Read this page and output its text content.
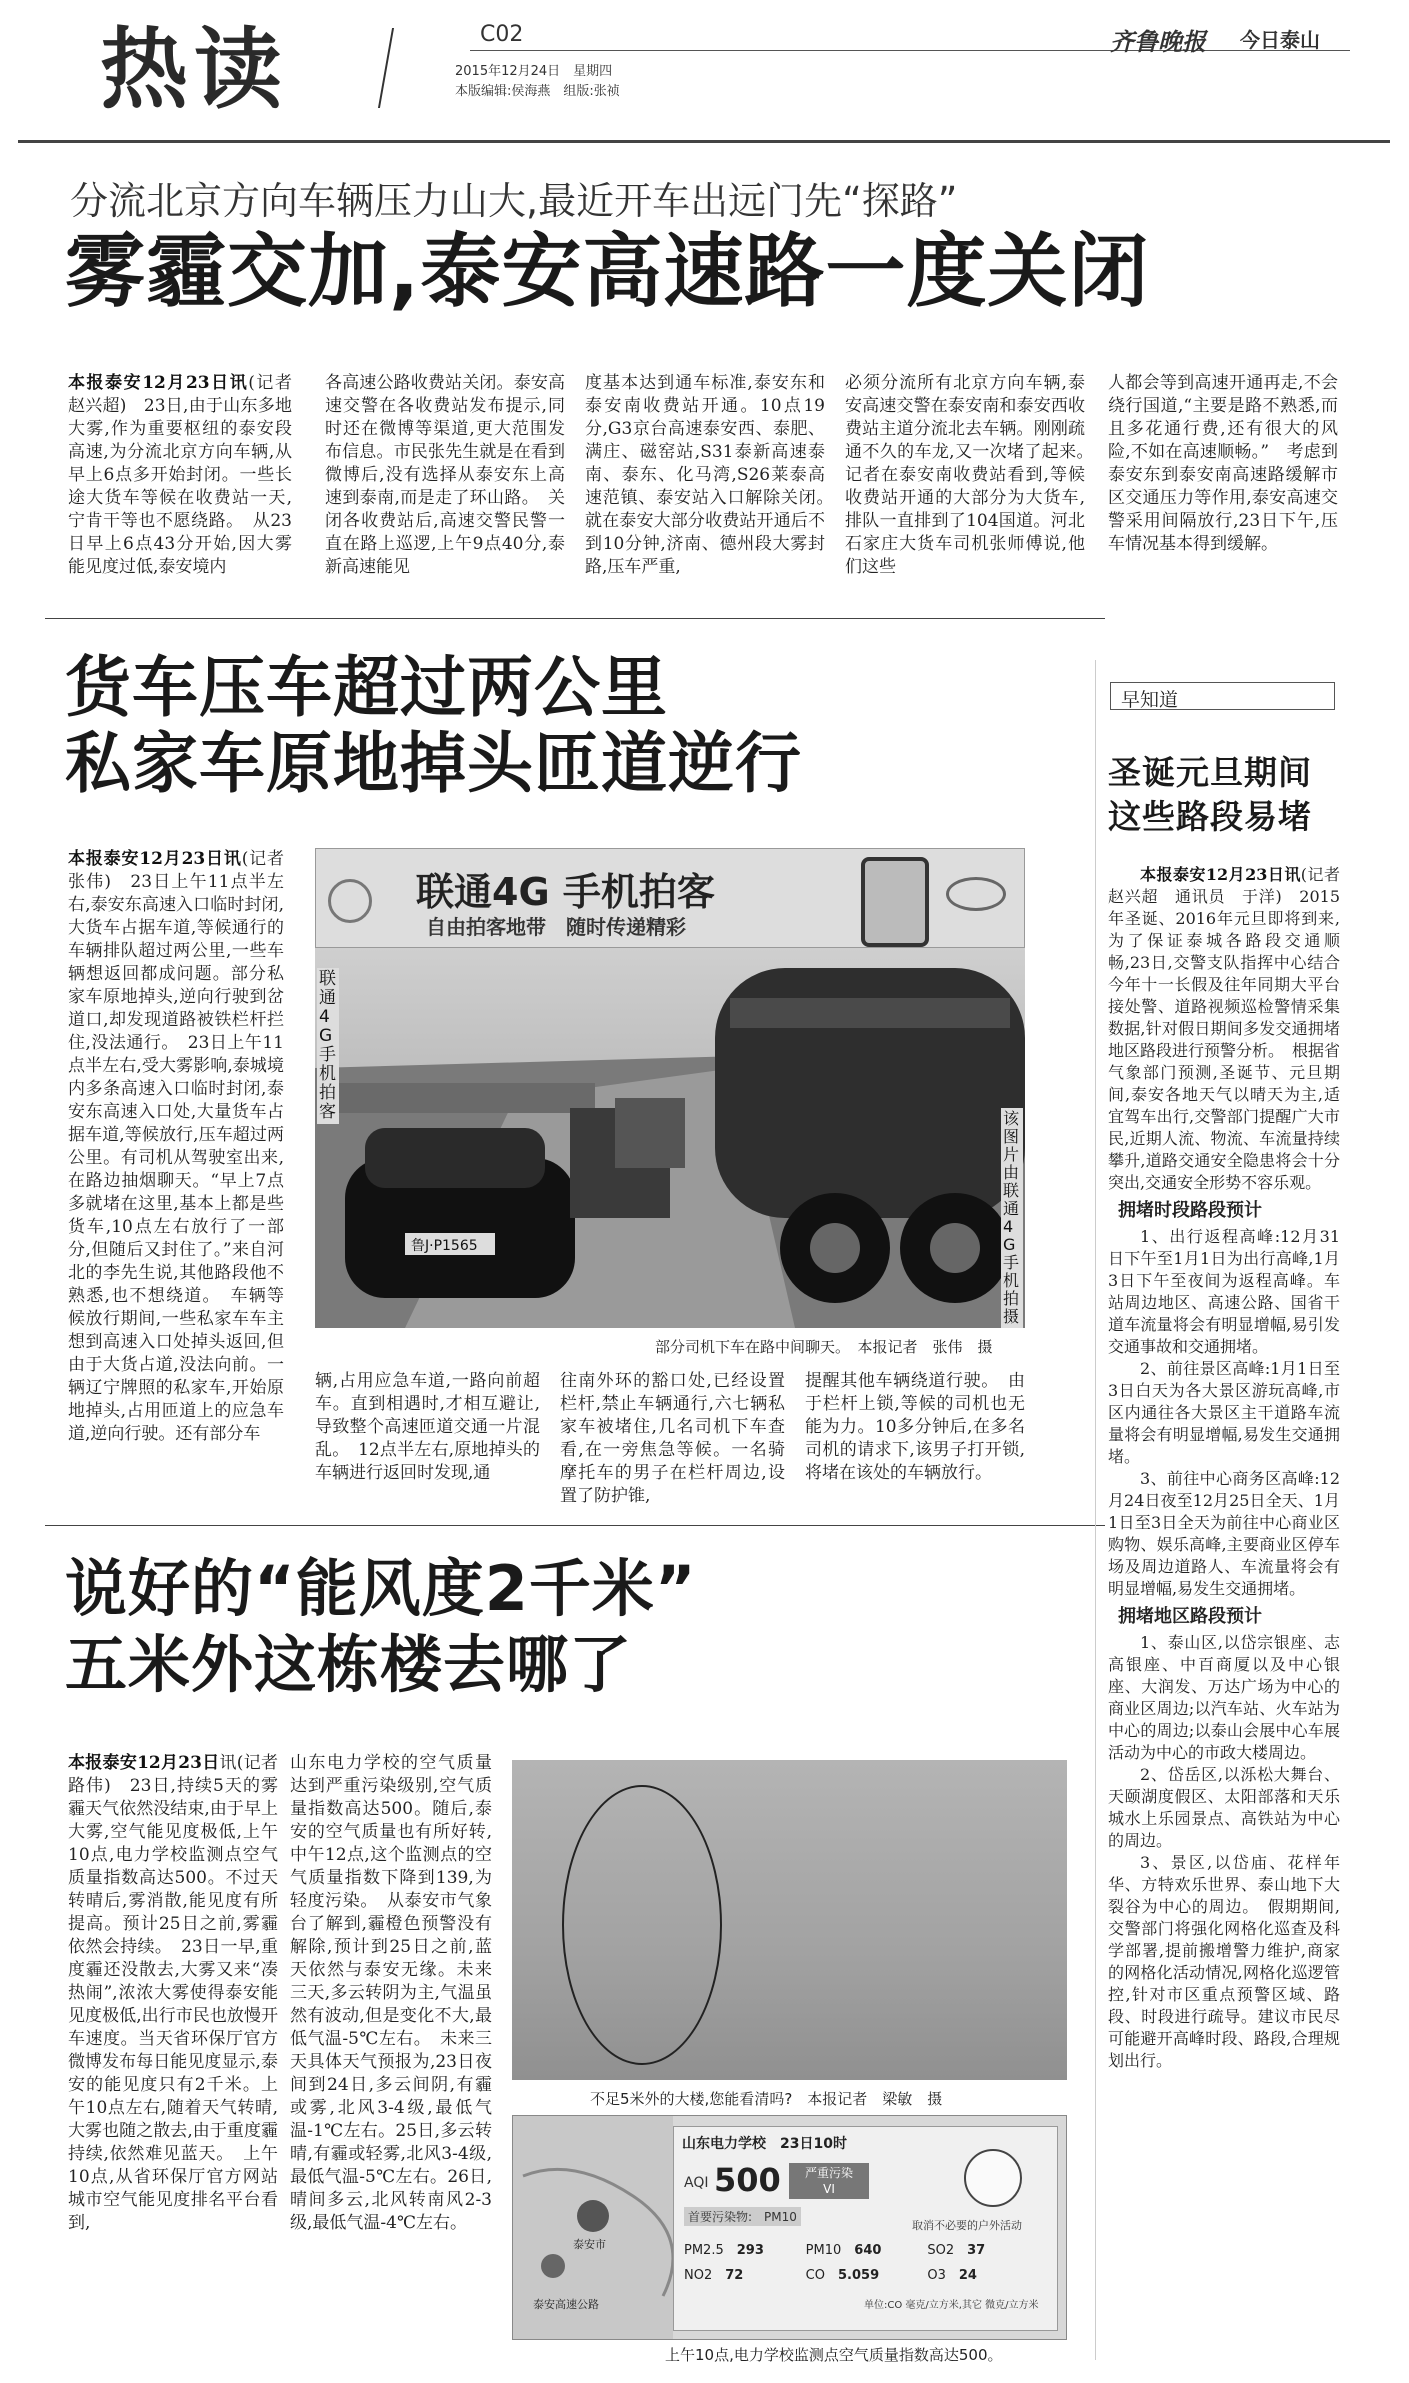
热读	C02
2015年12月24日　星期四
本版编辑:侯海燕　组版:张祯
齐鲁晚报 今日泰山
分流北京方向车辆压力山大,最近开车出远门先“探路”
雾霾交加,泰安高速路一度关闭
本报泰安12月23日讯(记者　赵兴超)　23日,由于山东多地大雾,作为重要枢纽的泰安段高速,为分流北京方向车辆,从早上6点多开始封闭。一些长途大货车等候在收费站一天,宁肯干等也不愿绕路。　从23日早上6点43分开始,因大雾能见度过低,泰安境内
各高速公路收费站关闭。泰安高速交警在各收费站发布提示,同时还在微博等渠道,更大范围发布信息。市民张先生就是在看到微博后,没有选择从泰安东上高速到泰南,而是走了环山路。　关闭各收费站后,高速交警民警一直在路上巡逻,上午9点40分,泰新高速能见
度基本达到通车标准,泰安东和泰安南收费站开通。10点19分,G3京台高速泰安西、泰肥、满庄、磁窑站,S31泰新高速泰南、泰东、化马湾,S26莱泰高速范镇、泰安站入口解除关闭。　就在泰安大部分收费站开通后不到10分钟,济南、德州段大雾封路,压车严重,
必须分流所有北京方向车辆,泰安高速交警在泰安南和泰安西收费站主道分流北去车辆。刚刚疏通不久的车龙,又一次堵了起来。　记者在泰安南收费站看到,等候收费站开通的大部分为大货车,排队一直排到了104国道。河北石家庄大货车司机张师傅说,他们这些
人都会等到高速开通再走,不会绕行国道,“主要是路不熟悉,而且多花通行费,还有很大的风险,不如在高速顺畅。”　考虑到泰安东到泰安南高速路缓解市区交通压力等作用,泰安高速交警采用间隔放行,23日下午,压车情况基本得到缓解。
货车压车超过两公里
私家车原地掉头匝道逆行
本报泰安12月23日讯(记者　张伟)　23日上午11点半左右,泰安东高速入口临时封闭,大货车占据车道,等候通行的车辆排队超过两公里,一些车辆想返回都成问题。部分私家车原地掉头,逆向行驶到岔道口,却发现道路被铁栏杆拦住,没法通行。　23日上午11点半左右,受大雾影响,泰城境内多条高速入口临时封闭,泰安东高速入口处,大量货车占据车道,等候放行,压车超过两公里。有司机从驾驶室出来,在路边抽烟聊天。“早上7点多就堵在这里,基本上都是些货车,10点左右放行了一部分,但随后又封住了。”来自河北的李先生说,其他路段他不熟悉,也不想绕道。　车辆等候放行期间,一些私家车车主想到高速入口处掉头返回,但由于大货占道,没法向前。一辆辽宁牌照的私家车,开始原地掉头,占用匝道上的应急车道,逆向行驶。还有部分车
联通4G 手机拍客
自由拍客地带　随时传递精彩
鲁J·P1565
联通4G手机拍客	该图片由联通4G手机拍摄
部分司机下车在路中间聊天。　本报记者　张伟　摄
辆,占用应急车道,一路向前超车。直到相遇时,才相互避让,导致整个高速匝道交通一片混乱。　12点半左右,原地掉头的车辆进行返回时发现,通
往南外环的豁口处,已经设置栏杆,禁止车辆通行,六七辆私家车被堵住,几名司机下车查看,在一旁焦急等候。一名骑摩托车的男子在栏杆周边,设置了防护锥,
提醒其他车辆绕道行驶。　由于栏杆上锁,等候的司机也无能为力。10多分钟后,在多名司机的请求下,该男子打开锁,将堵在该处的车辆放行。
早知道
圣诞元旦期间
这些路段易堵

本报泰安12月23日讯(记者　赵兴超　通讯员　于洋)　2015年圣诞、2016年元旦即将到来,为了保证泰城各路段交通顺畅,23日,交警支队指挥中心结合今年十一长假及往年同期大平台接处警、道路视频巡检警情采集数据,针对假日期间多发交通拥堵地区路段进行预警分析。　根据省气象部门预测,圣诞节、元旦期间,泰安各地天气以晴天为主,适宜驾车出行,交警部门提醒广大市民,近期人流、物流、车流量持续攀升,道路交通安全隐患将会十分突出,交通安全形势不容乐观。

拥堵时段路段预计

1、出行返程高峰:12月31日下午至1月1日为出行高峰,1月3日下午至夜间为返程高峰。车站周边地区、高速公路、国省干道车流量将会有明显增幅,易引发交通事故和交通拥堵。

2、前往景区高峰:1月1日至3日白天为各大景区游玩高峰,市区内通往各大景区主干道路车流量将会有明显增幅,易发生交通拥堵。

3、前往中心商务区高峰:12月24日夜至12月25日全天、1月1日至3日全天为前往中心商业区购物、娱乐高峰,主要商业区停车场及周边道路人、车流量将会有明显增幅,易发生交通拥堵。

拥堵地区路段预计

1、泰山区,以岱宗银座、志高银座、中百商厦以及中心银座、大润发、万达广场为中心的商业区周边;以汽车站、火车站为中心的周边;以泰山会展中心车展活动为中心的市政大楼周边。

2、岱岳区,以泺松大舞台、天颐湖度假区、太阳部落和天乐城水上乐园景点、高铁站为中心的周边。

3、景区,以岱庙、花样年华、方特欢乐世界、泰山地下大裂谷为中心的周边。　假期期间,交警部门将强化网格化巡查及科学部署,提前搬增警力维护,商家的网格化活动情况,网格化巡逻管控,针对市区重点预警区域、路段、时段进行疏导。建议市民尽可能避开高峰时段、路段,合理规划出行。

说好的“能风度2千米”
五米外这栋楼去哪了
本报泰安12月23日讯(记者　路伟)　23日,持续5天的雾霾天气依然没结束,由于早上大雾,空气能见度极低,上午10点,电力学校监测点空气质量指数高达500。不过天转晴后,雾消散,能见度有所提高。预计25日之前,雾霾依然会持续。　23日一早,重度霾还没散去,大雾又来“凑热闹”,浓浓大雾使得泰安能见度极低,出行市民也放慢开车速度。当天省环保厅官方微博发布每日能见度显示,泰安的能见度只有2千米。上午10点左右,随着天气转晴,大雾也随之散去,由于重度霾持续,依然难见蓝天。　上午10点,从省环保厅官方网站城市空气能见度排名平台看到,
山东电力学校的空气质量达到严重污染级别,空气质量指数高达500。随后,泰安的空气质量也有所好转,中午12点,这个监测点的空气质量指数下降到139,为轻度污染。　从泰安市气象台了解到,霾橙色预警没有解除,预计到25日之前,蓝天依然与泰安无缘。未来三天,多云转阴为主,气温虽然有波动,但是变化不大,最低气温-5℃左右。　未来三天具体天气预报为,23日夜间到24日,多云间阴,有霾或雾,北风3-4级,最低气温-1℃左右。25日,多云转晴,有霾或轻雾,北风3-4级,最低气温-5℃左右。26日,晴间多云,北风转南风2-3级,最低气温-4℃左右。
不足5米外的大楼,您能看清吗?　本报记者　梁敏　摄
泰安市
泰安高速公路
山东电力学校　23日10时
AQI 500	严重污染
VI
首要污染物:　PM10
取消不必要的户外活动
PM2.5　 293	PM10　 640	SO2　 37
NO2　 72	CO　 5.059	O3　 24
单位:CO 毫克/立方米,其它 微克/立方米
上午10点,电力学校监测点空气质量指数高达500。
